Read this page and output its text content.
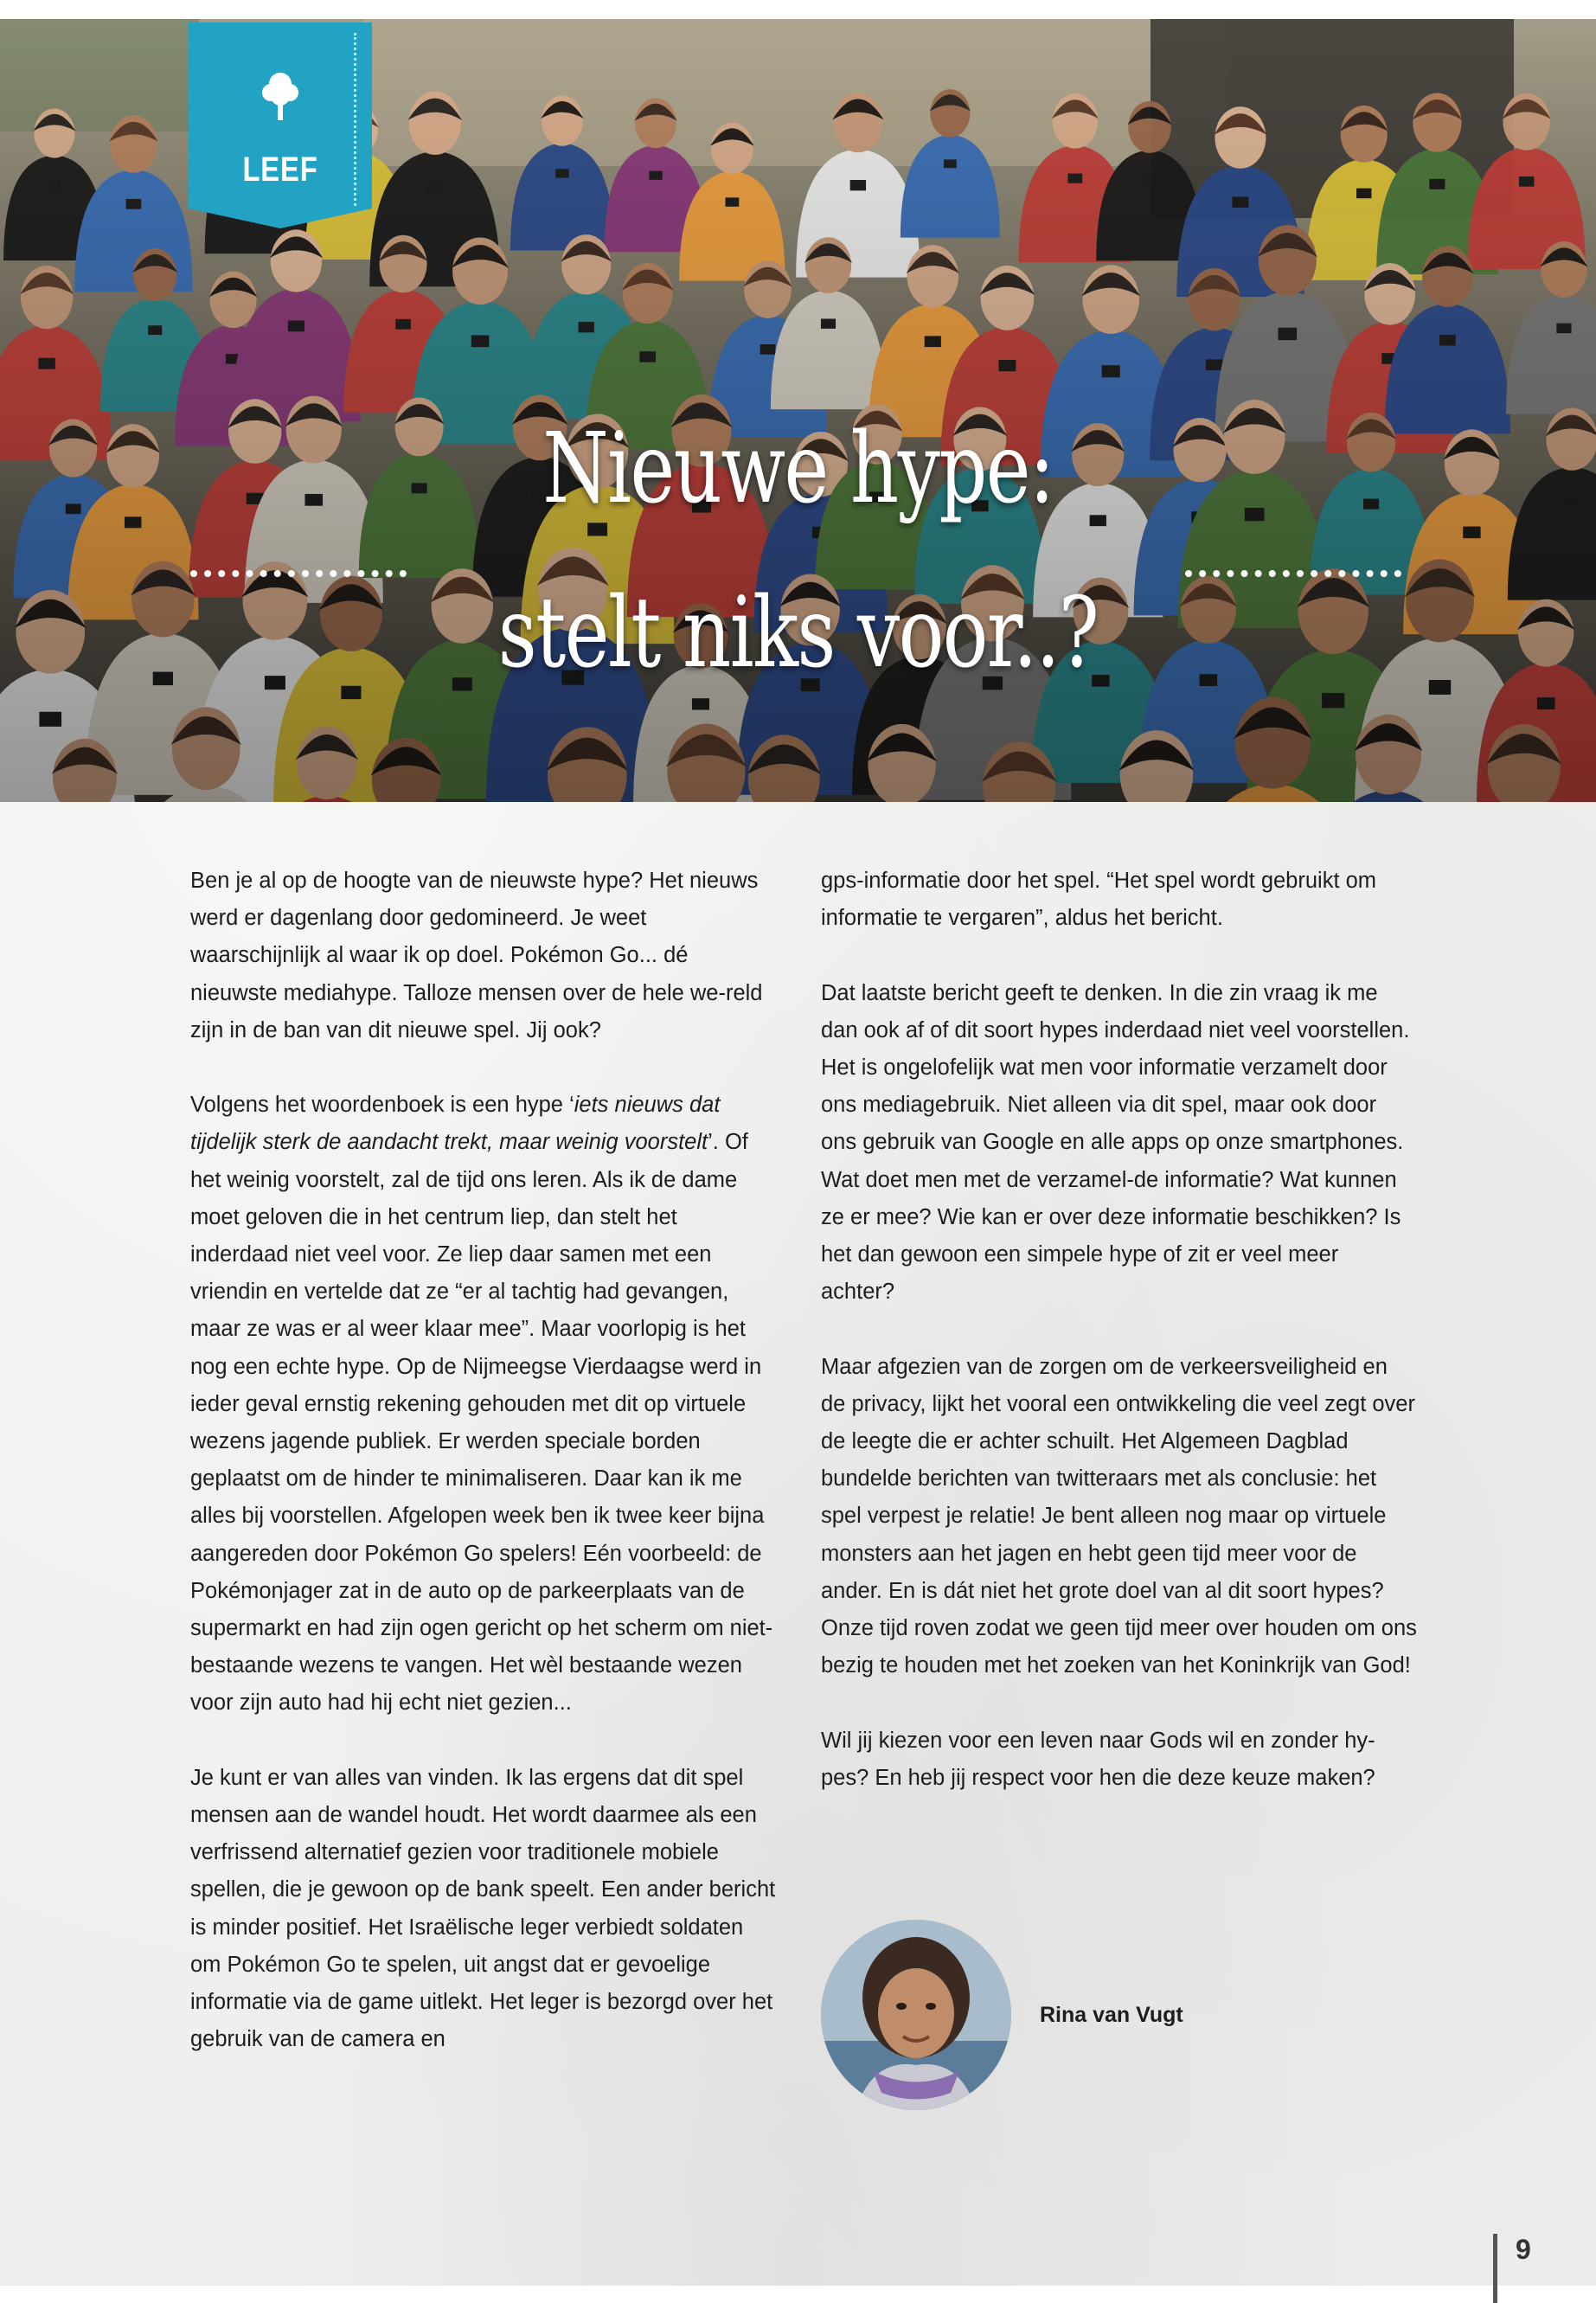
LEEF
Nieuwe hype:
stelt niks voor..?

Ben je al op de hoogte van de nieuwste hype? Het nieuws werd er dagenlang door gedomineerd. Je weet waarschijnlijk al waar ik op doel. Pokémon Go... dé nieuwste mediahype. Talloze mensen over de hele we-reld zijn in de ban van dit nieuwe spel. Jij ook?

Volgens het woordenboek is een hype ‘iets nieuws dat tijdelijk sterk de aandacht trekt, maar weinig voorstelt’. Of het weinig voorstelt, zal de tijd ons leren. Als ik de dame moet geloven die in het centrum liep, dan stelt het inderdaad niet veel voor. Ze liep daar samen met een vriendin en vertelde dat ze “er al tachtig had gevangen, maar ze was er al weer klaar mee”. Maar voorlopig is het nog een echte hype. Op de Nijmeegse Vierdaagse werd in ieder geval ernstig rekening gehouden met dit op virtuele wezens jagende publiek. Er werden speciale borden geplaatst om de hinder te minimaliseren. Daar kan ik me alles bij voorstellen. Afgelopen week ben ik twee keer bijna aangereden door Pokémon Go spelers! Eén voorbeeld: de Pokémonjager zat in de auto op de parkeerplaats van de supermarkt en had zijn ogen gericht op het scherm om niet-bestaande wezens te vangen. Het wèl bestaande wezen voor zijn auto had hij echt niet gezien...

Je kunt er van alles van vinden. Ik las ergens dat dit spel mensen aan de wandel houdt. Het wordt daarmee als een verfrissend alternatief gezien voor traditionele mobiele spellen, die je gewoon op de bank speelt. Een ander bericht is minder positief. Het Israëlische leger verbiedt soldaten om Pokémon Go te spelen, uit angst dat er gevoelige informatie via de game uitlekt. Het leger is bezorgd over het gebruik van de camera en

gps-informatie door het spel. “Het spel wordt gebruikt om informatie te vergaren”, aldus het bericht.

Dat laatste bericht geeft te denken. In die zin vraag ik me dan ook af of dit soort hypes inderdaad niet veel voorstellen. Het is ongelofelijk wat men voor informatie verzamelt door ons mediagebruik. Niet alleen via dit spel, maar ook door ons gebruik van Google en alle apps op onze smartphones. Wat doet men met de verzamel-de informatie? Wat kunnen ze er mee? Wie kan er over deze informatie beschikken? Is het dan gewoon een simpele hype of zit er veel meer achter?

Maar afgezien van de zorgen om de verkeersveiligheid en de privacy, lijkt het vooral een ontwikkeling die veel zegt over de leegte die er achter schuilt. Het Algemeen Dagblad bundelde berichten van twitteraars met als conclusie: het spel verpest je relatie! Je bent alleen nog maar op virtuele monsters aan het jagen en hebt geen tijd meer voor de ander. En is dát niet het grote doel van al dit soort hypes? Onze tijd roven zodat we geen tijd meer over houden om ons bezig te houden met het zoeken van het Koninkrijk van God!

Wil jij kiezen voor een leven naar Gods wil en zonder hy-pes? En heb jij respect voor hen die deze keuze maken?

Rina van Vugt
9
